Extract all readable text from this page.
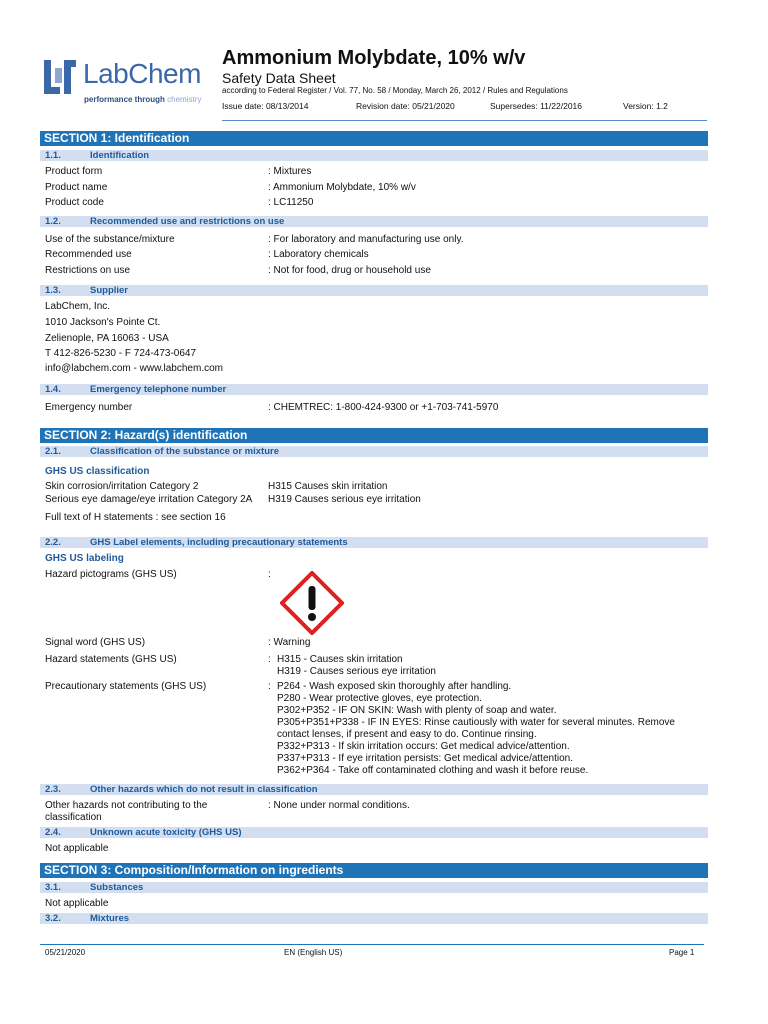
LabChem
performance through chemistry
Ammonium Molybdate, 10% w/v
Safety Data Sheet
according to Federal Register / Vol. 77, No. 58 / Monday, March 26, 2012 / Rules and Regulations
Issue date: 08/13/2014	Revision date: 05/21/2020	Supersedes: 11/22/2016	Version: 1.2
SECTION 1: Identification
1.1.	Identification
Product form	: Mixtures
Product name	: Ammonium Molybdate, 10% w/v
Product code	: LC11250
1.2.	Recommended use and restrictions on use
Use of the substance/mixture	: For laboratory and manufacturing use only.
Recommended use	: Laboratory chemicals
Restrictions on use	: Not for food, drug or household use
1.3.	Supplier
LabChem, Inc.
1010 Jackson's Pointe Ct.
Zelienople, PA 16063 - USA
T 412-826-5230 - F 724-473-0647
info@labchem.com - www.labchem.com
1.4.	Emergency telephone number
Emergency number	: CHEMTREC: 1-800-424-9300 or +1-703-741-5970
SECTION 2: Hazard(s) identification
2.1.	Classification of the substance or mixture
GHS US classification
Skin corrosion/irritation Category 2	H315 Causes skin irritation
Serious eye damage/eye irritation Category 2A H319 Causes serious eye irritation
Full text of H statements : see section 16
2.2.	GHS Label elements, including precautionary statements
GHS US labeling
Hazard pictograms (GHS US)	:
Signal word (GHS US)	: Warning
Hazard statements (GHS US)	: H315 - Causes skin irritation
H319 - Causes serious eye irritation
Precautionary statements (GHS US)	: P264 - Wash exposed skin thoroughly after handling.
P280 - Wear protective gloves, eye protection.
P302+P352 - IF ON SKIN: Wash with plenty of soap and water.
P305+P351+P338 - IF IN EYES: Rinse cautiously with water for several minutes. Remove
contact lenses, if present and easy to do. Continue rinsing.
P332+P313 - If skin irritation occurs: Get medical advice/attention.
P337+P313 - If eye irritation persists: Get medical advice/attention.
P362+P364 - Take off contaminated clothing and wash it before reuse.
2.3.	Other hazards which do not result in classification
Other hazards not contributing to the
classification
: None under normal conditions.
2.4.	Unknown acute toxicity (GHS US)
Not applicable
SECTION 3: Composition/Information on ingredients
3.1.	Substances
Not applicable
3.2.	Mixtures
05/21/2020	EN (English US)	Page 1
